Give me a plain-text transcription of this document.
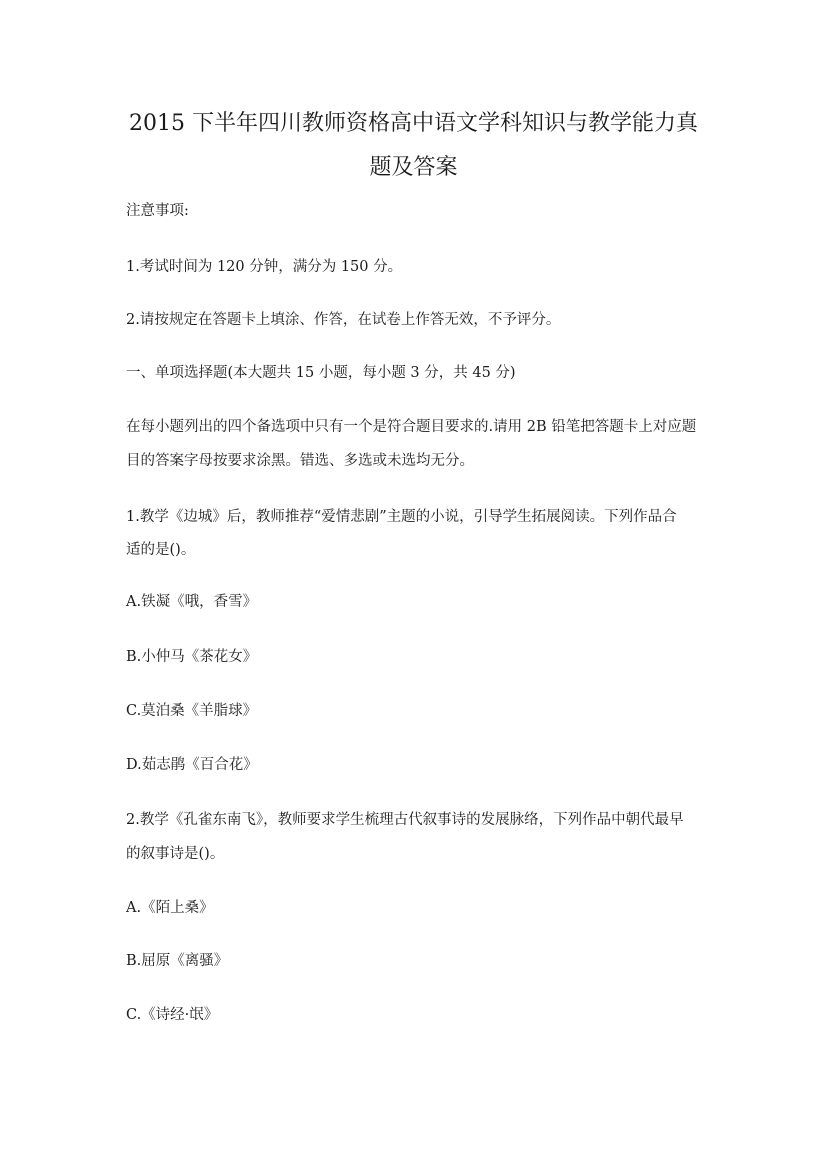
2015 下半年四川教师资格高中语文学科知识与教学能力真
题及答案

注意事项:

1.考试时间为 120 分钟，满分为 150 分。

2.请按规定在答题卡上填涂、作答，在试卷上作答无效，不予评分。

一、单项选择题(本大题共 15 小题，每小题 3 分，共 45 分)

在每小题列出的四个备选项中只有一个是符合题目要求的.请用 2B 铅笔把答题卡上对应题

目的答案字母按要求涂黑。错选、多选或未选均无分。

1.教学《边城》后，教师推荐“爱情悲剧”主题的小说，引导学生拓展阅读。下列作品合

适的是()。

A.铁凝《哦，香雪》

B.小仲马《茶花女》

C.莫泊桑《羊脂球》

D.茹志鹃《百合花》

2.教学《孔雀东南飞》，教师要求学生梳理古代叙事诗的发展脉络，下列作品中朝代最早

的叙事诗是()。

A.《陌上桑》

B.屈原《离骚》

C.《诗经·氓》
